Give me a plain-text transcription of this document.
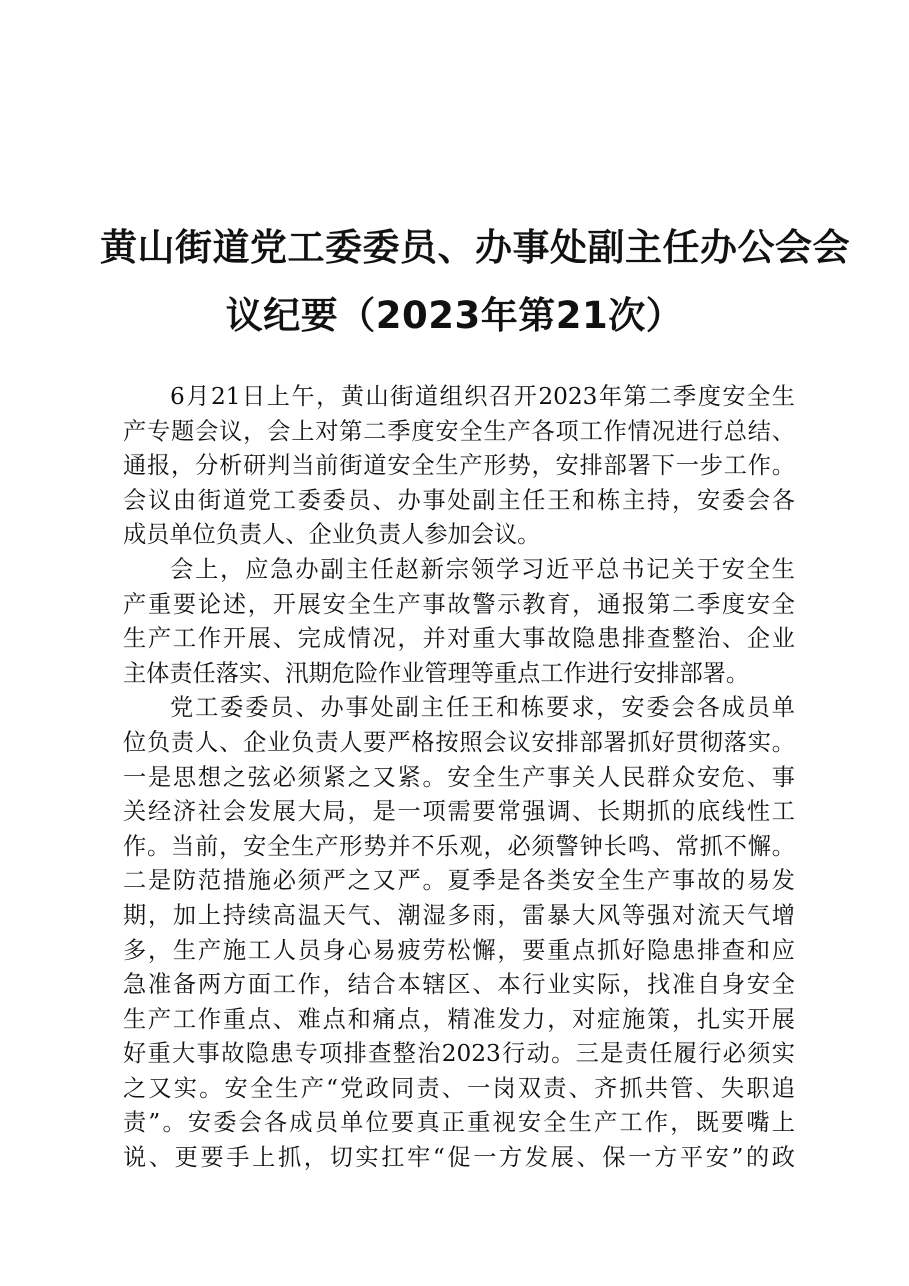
黄山街道党工委委员、办事处副主任办公会会
议纪要（2023年第21次）
6月21日上午，黄山街道组织召开2023年第二季度安全生
产专题会议，会上对第二季度安全生产各项工作情况进行总结、
通报，分析研判当前街道安全生产形势，安排部署下一步工作。
会议由街道党工委委员、办事处副主任王和栋主持，安委会各
成员单位负责人、企业负责人参加会议。
会上，应急办副主任赵新宗领学习近平总书记关于安全生
产重要论述，开展安全生产事故警示教育，通报第二季度安全
生产工作开展、完成情况，并对重大事故隐患排查整治、企业
主体责任落实、汛期危险作业管理等重点工作进行安排部署。
党工委委员、办事处副主任王和栋要求，安委会各成员单
位负责人、企业负责人要严格按照会议安排部署抓好贯彻落实。
一是思想之弦必须紧之又紧。安全生产事关人民群众安危、事
关经济社会发展大局，是一项需要常强调、长期抓的底线性工
作。当前，安全生产形势并不乐观，必须警钟长鸣、常抓不懈。
二是防范措施必须严之又严。夏季是各类安全生产事故的易发
期，加上持续高温天气、潮湿多雨，雷暴大风等强对流天气增
多，生产施工人员身心易疲劳松懈，要重点抓好隐患排查和应
急准备两方面工作，结合本辖区、本行业实际，找准自身安全
生产工作重点、难点和痛点，精准发力，对症施策，扎实开展
好重大事故隐患专项排查整治2023行动。三是责任履行必须实
之又实。安全生产“党政同责、一岗双责、齐抓共管、失职追
责”。安委会各成员单位要真正重视安全生产工作，既要嘴上
说、更要手上抓，切实扛牢“促一方发展、保一方平安”的政
